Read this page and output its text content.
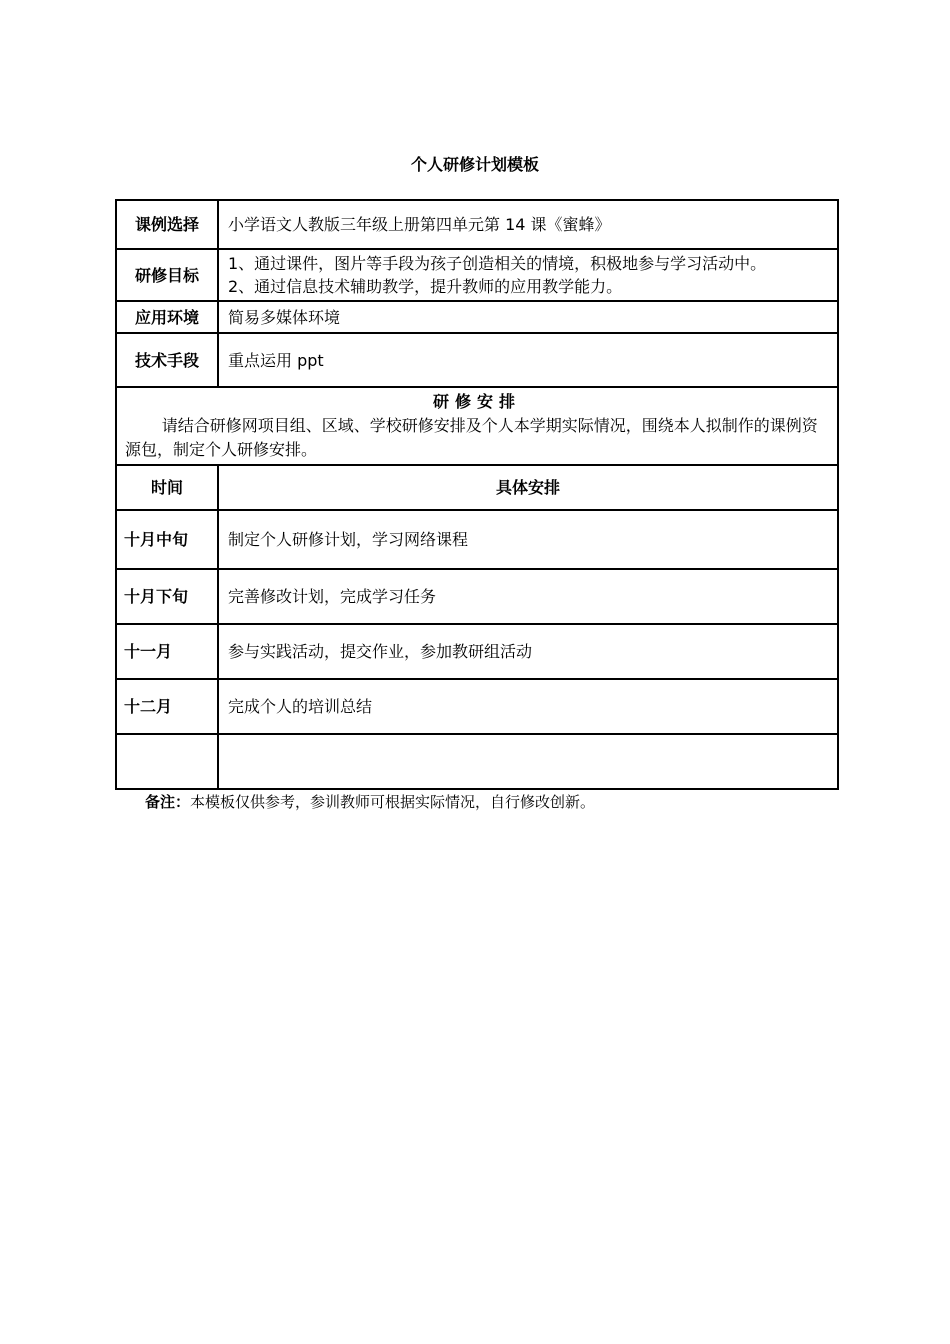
个人研修计划模板
课例选择	小学语文人教版三年级上册第四单元第 14 课《蜜蜂》
研修目标	1、通过课件，图片等手段为孩子创造相关的情境，积极地参与学习活动中。
2、通过信息技术辅助教学，提升教师的应用教学能力。

应用环境	简易多媒体环境
技术手段	重点运用 ppt

研修安排
请结合研修网项目组、区域、学校研修安排及个人本学期实际情况，围绕本人拟制作的课例资源包，制定个人研修安排。	

时间	具体安排
十月中旬	制定个人研修计划，学习网络课程
十月下旬	完善修改计划，完成学习任务
十一月	参与实践活动，提交作业，参加教研组活动
十二月	完成个人的培训总结

备注：本模板仅供参考，参训教师可根据实际情况，自行修改创新。
